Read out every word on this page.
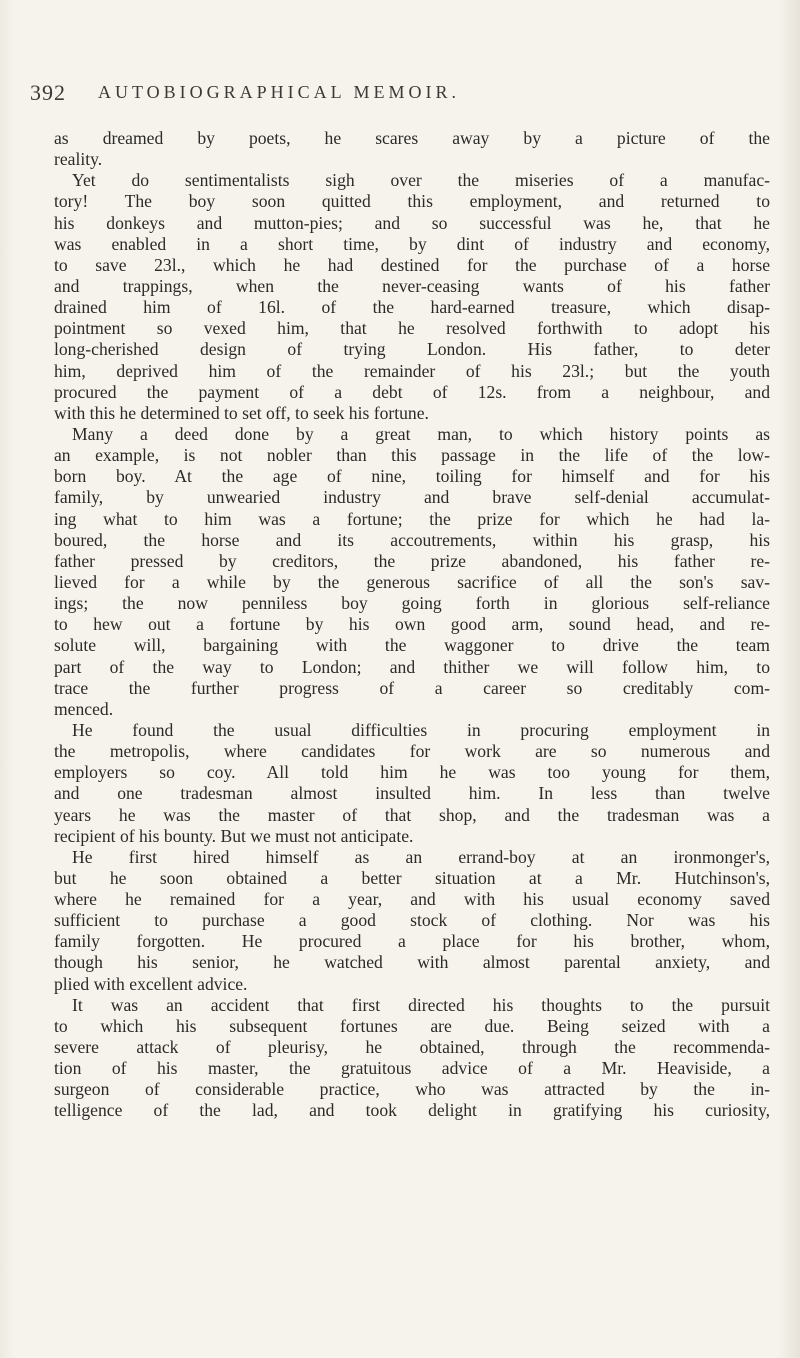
392 AUTOBIOGRAPHICAL MEMOIR.
as dreamed by poets, he scares away by a picture of the
reality.
Yet do sentimentalists sigh over the miseries of a manufac-
tory! The boy soon quitted this employment, and returned to
his donkeys and mutton-pies; and so successful was he, that he
was enabled in a short time, by dint of industry and economy,
to save 23l., which he had destined for the purchase of a horse
and trappings, when the never-ceasing wants of his father
drained him of 16l. of the hard-earned treasure, which disap-
pointment so vexed him, that he resolved forthwith to adopt his
long-cherished design of trying London. His father, to deter
him, deprived him of the remainder of his 23l.; but the youth
procured the payment of a debt of 12s. from a neighbour, and
with this he determined to set off, to seek his fortune.
Many a deed done by a great man, to which history points as
an example, is not nobler than this passage in the life of the low-
born boy. At the age of nine, toiling for himself and for his
family, by unwearied industry and brave self-denial accumulat-
ing what to him was a fortune; the prize for which he had la-
boured, the horse and its accoutrements, within his grasp, his
father pressed by creditors, the prize abandoned, his father re-
lieved for a while by the generous sacrifice of all the son's sav-
ings; the now penniless boy going forth in glorious self-reliance
to hew out a fortune by his own good arm, sound head, and re-
solute will, bargaining with the waggoner to drive the team
part of the way to London; and thither we will follow him, to
trace the further progress of a career so creditably com-
menced.
He found the usual difficulties in procuring employment in
the metropolis, where candidates for work are so numerous and
employers so coy. All told him he was too young for them,
and one tradesman almost insulted him. In less than twelve
years he was the master of that shop, and the tradesman was a
recipient of his bounty. But we must not anticipate.
He first hired himself as an errand-boy at an ironmonger's,
but he soon obtained a better situation at a Mr. Hutchinson's,
where he remained for a year, and with his usual economy saved
sufficient to purchase a good stock of clothing. Nor was his
family forgotten. He procured a place for his brother, whom,
though his senior, he watched with almost parental anxiety, and
plied with excellent advice.
It was an accident that first directed his thoughts to the pursuit
to which his subsequent fortunes are due. Being seized with a
severe attack of pleurisy, he obtained, through the recommenda-
tion of his master, the gratuitous advice of a Mr. Heaviside, a
surgeon of considerable practice, who was attracted by the in-
telligence of the lad, and took delight in gratifying his curiosity,
